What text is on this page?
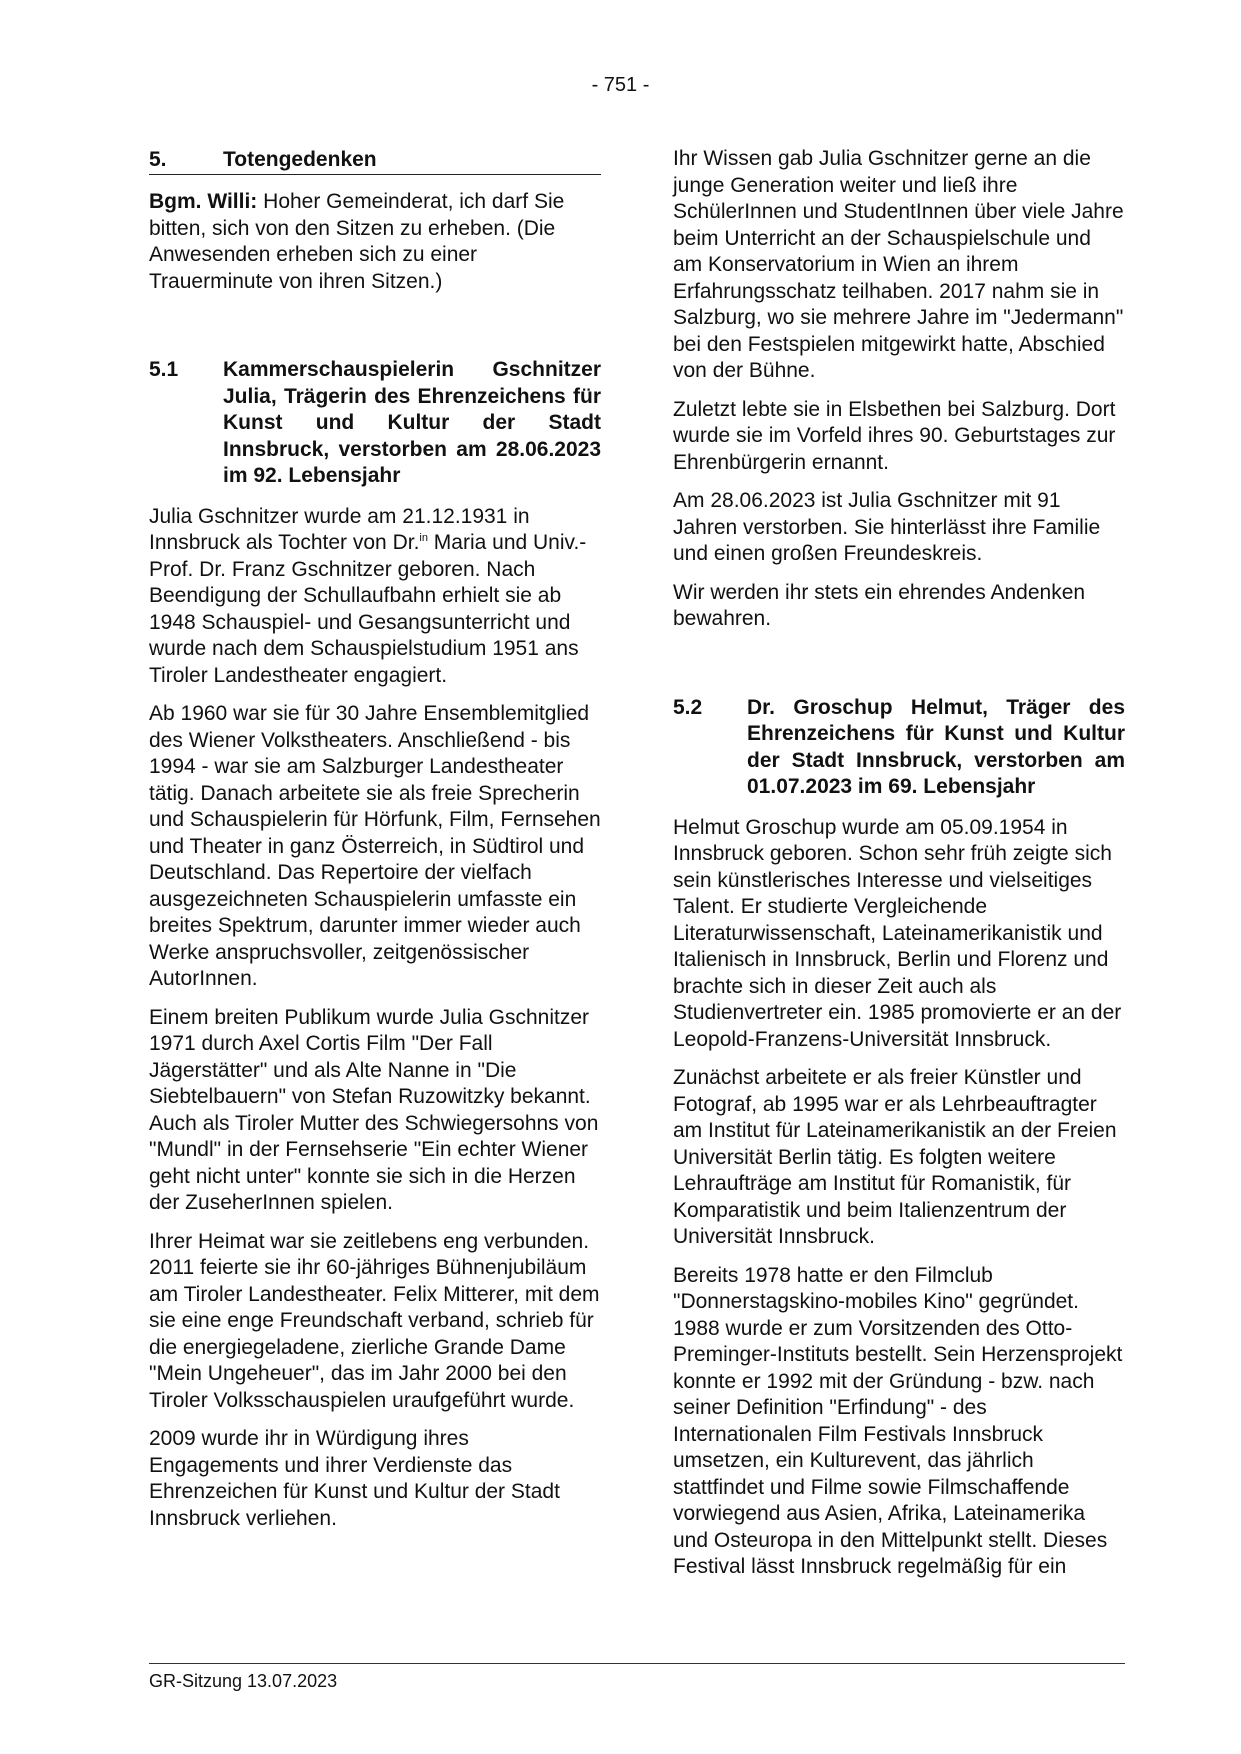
- 751 -
5.	Totengedenken

Bgm. Willi: Hoher Gemeinderat, ich darf Sie bitten, sich von den Sitzen zu erheben. (Die Anwesenden erheben sich zu einer Trauerminute von ihren Sitzen.)

5.1	Kammerschauspielerin Gschnitzer Julia, Trägerin des Ehrenzeichens für Kunst und Kultur der Stadt Innsbruck, verstorben am 28.06.2023 im 92. Lebensjahr

Julia Gschnitzer wurde am 21.12.1931 in Innsbruck als Tochter von Dr.$^{in}$ Maria und Univ.-Prof. Dr. Franz Gschnitzer geboren. Nach Beendigung der Schullaufbahn erhielt sie ab 1948 Schauspiel- und Gesangsunterricht und wurde nach dem Schauspielstudium 1951 ans Tiroler Landestheater engagiert.

Ab 1960 war sie für 30 Jahre Ensemblemitglied des Wiener Volkstheaters. Anschließend - bis 1994 - war sie am Salzburger Landestheater tätig. Danach arbeitete sie als freie Sprecherin und Schauspielerin für Hörfunk, Film, Fernsehen und Theater in ganz Österreich, in Südtirol und Deutschland. Das Repertoire der vielfach ausgezeichneten Schauspielerin umfasste ein breites Spektrum, darunter immer wieder auch Werke anspruchsvoller, zeitgenössischer AutorInnen.

Einem breiten Publikum wurde Julia Gschnitzer 1971 durch Axel Cortis Film "Der Fall Jägerstätter" und als Alte Nanne in "Die Siebtelbauern" von Stefan Ruzowitzky bekannt. Auch als Tiroler Mutter des Schwiegersohns von "Mundl" in der Fernsehserie "Ein echter Wiener geht nicht unter" konnte sie sich in die Herzen der ZuseherInnen spielen.

Ihrer Heimat war sie zeitlebens eng verbunden. 2011 feierte sie ihr 60-jähriges Bühnenjubiläum am Tiroler Landestheater. Felix Mitterer, mit dem sie eine enge Freundschaft verband, schrieb für die energiegeladene, zierliche Grande Dame "Mein Ungeheuer", das im Jahr 2000 bei den Tiroler Volksschauspielen uraufgeführt wurde.

2009 wurde ihr in Würdigung ihres Engagements und ihrer Verdienste das Ehrenzeichen für Kunst und Kultur der Stadt Innsbruck verliehen.

Ihr Wissen gab Julia Gschnitzer gerne an die junge Generation weiter und ließ ihre SchülerInnen und StudentInnen über viele Jahre beim Unterricht an der Schauspielschule und am Konservatorium in Wien an ihrem Erfahrungsschatz teilhaben. 2017 nahm sie in Salzburg, wo sie mehrere Jahre im "Jedermann" bei den Festspielen mitgewirkt hatte, Abschied von der Bühne.

Zuletzt lebte sie in Elsbethen bei Salzburg. Dort wurde sie im Vorfeld ihres 90. Geburtstages zur Ehrenbürgerin ernannt.

Am 28.06.2023 ist Julia Gschnitzer mit 91 Jahren verstorben. Sie hinterlässt ihre Familie und einen großen Freundeskreis.

Wir werden ihr stets ein ehrendes Andenken bewahren.

5.2	Dr. Groschup Helmut, Träger des Ehrenzeichens für Kunst und Kultur der Stadt Innsbruck, verstorben am 01.07.2023 im 69. Lebensjahr

Helmut Groschup wurde am 05.09.1954 in Innsbruck geboren. Schon sehr früh zeigte sich sein künstlerisches Interesse und vielseitiges Talent. Er studierte Vergleichende Literaturwissenschaft, Lateinamerikanistik und Italienisch in Innsbruck, Berlin und Florenz und brachte sich in dieser Zeit auch als Studienvertreter ein. 1985 promovierte er an der Leopold-Franzens-Universität Innsbruck.

Zunächst arbeitete er als freier Künstler und Fotograf, ab 1995 war er als Lehrbeauftragter am Institut für Lateinamerikanistik an der Freien Universität Berlin tätig. Es folgten weitere Lehraufträge am Institut für Romanistik, für Komparatistik und beim Italienzentrum der Universität Innsbruck.

Bereits 1978 hatte er den Filmclub "Donnerstagskino-mobiles Kino" gegründet. 1988 wurde er zum Vorsitzenden des Otto-Preminger-Instituts bestellt. Sein Herzensprojekt konnte er 1992 mit der Gründung - bzw. nach seiner Definition "Erfindung" - des Internationalen Film Festivals Innsbruck umsetzen, ein Kulturevent, das jährlich stattfindet und Filme sowie Filmschaffende vorwiegend aus Asien, Afrika, Lateinamerika und Osteuropa in den Mittelpunkt stellt. Dieses Festival lässt Innsbruck regelmäßig für ein

GR-Sitzung 13.07.2023
